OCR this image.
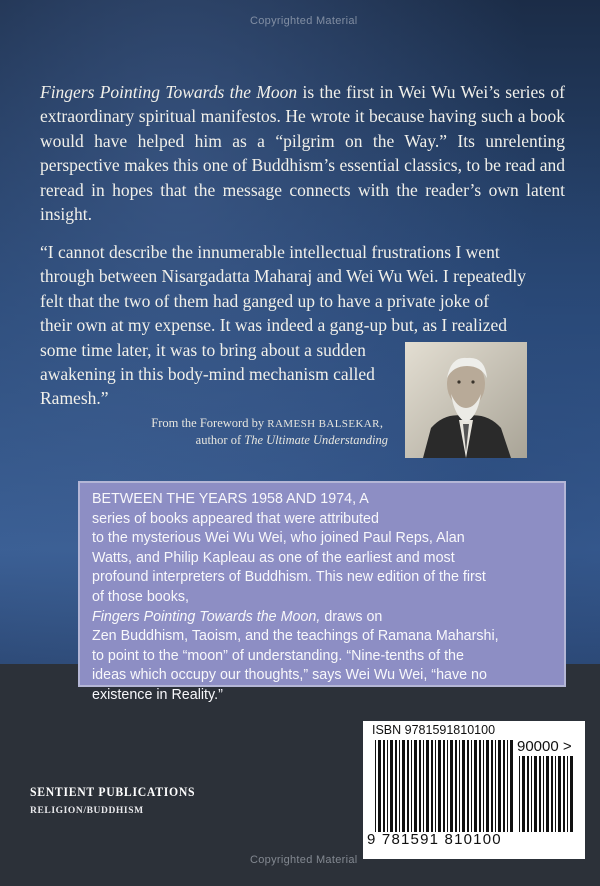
Copyrighted Material

Fingers Pointing Towards the Moon is the first in Wei Wu Wei’s series of extraordinary spiritual manifestos. He wrote it because having such a book would have helped him as a “pilgrim on the Way.” Its unrelenting perspective makes this one of Buddhism’s essential classics, to be read and reread in hopes that the message connects with the reader’s own latent insight.

“I cannot describe the innumerable intellectual frustrations I went
through between Nisargadatta Maharaj and Wei Wu Wei. I repeatedly
felt that the two of them had ganged up to have a private joke of
their own at my expense. It was indeed a gang-up but, as I realized
some time later, it was to bring about a sudden
awakening in this body-mind mechanism called
Ramesh.”
From the Foreword by RAMESH BALSEKAR,
author of The Ultimate Understanding
BETWEEN THE YEARS 1958 AND 1974, A
series of books appeared that were attributed
to the mysterious Wei Wu Wei, who joined Paul Reps, Alan
Watts, and Philip Kapleau as one of the earliest and most
profound interpreters of Buddhism. This new edition of the first
of those books,
Fingers Pointing Towards the Moon, draws on
Zen Buddhism, Taoism, and the teachings of Ramana Maharshi,
to point to the “moon” of understanding. “Nine-tenths of the
ideas which occupy our thoughts,” says Wei Wu Wei, “have no
existence in Reality.”
SENTIENT PUBLICATIONS
RELIGION/BUDDHISM
ISBN 9781591810100
90000 >
9 781591 810100
Copyrighted Material
